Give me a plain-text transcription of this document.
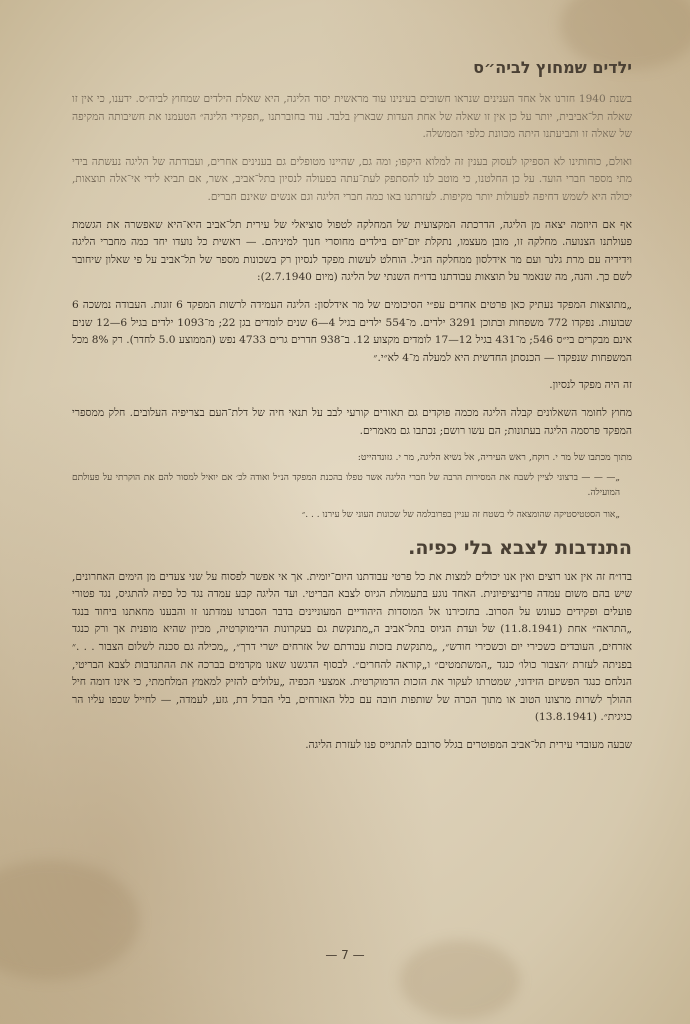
ילדים שמחוץ לביה״ס

בשנת 1940 חזרנו אל אחד הענינים שנראו חשובים בעינינו עוד מראשית יסוד הליגה, היא שאלת הילדים שמחוץ לביה״ס. ידענו, כי אין זו שאלה תל־אביבית, יותר על כן אין זו שאלה של אחת העדות שבארץ בלבד. עוד בחוברתנו „תפקידי הליגה״ הטעמנו את חשיבותה המקיפה של שאלה זו ותביעתנו היתה מכוונת כלפי הממשלה.

ואולם, כוחותינו לא הספיקו לעסוק בענין זה למלוא היקפו; ומה גם, שהיינו מטופלים גם בענינים אחרים, ועבודתה של הליגה נעשתה בידי מתי מספר חברי הועד. על כן החלטנו, כי מוטב לנו להסתפק לעת־עתה בפעולה לנסיון בתל־אביב, אשר, אם תביא לידי אי־אלה תוצאות, יכולה היא לשמש דחיפה לפעולות יותר מקיפות. לעזרתנו באו כמה חברי הליגה וגם אנשים שאינם חברים.

אף אם היוזמה יצאה מן הליגה, הדרכתה המקצועית של המחלקה לטפול סוציאלי של עירית תל־אביב היא־היא שאפשרה את הגשמת פעולתנו הצנועה. מחלקה זו, מובן מעצמו, נתקלת יום־יום בילדים מחוסרי חנוך למיניהם. — ראשית כל נועדו יחד כמה מחברי הליגה וידידיה עם מרת גלנר ועם מר אידלסון ממחלקה הנ״ל. הוחלט לעשות מפקד לנסיון רק בשכונות מספר של תל־אביב על פי שאלון שיחובר לשם כך. והנה, מה שנאמר על תוצאות עבודתנו בדו״ח השנתי של הליגה (מיום 2.7.1940):

„מתוצאות המפקד נעתיק כאן פרטים אחדים עפ״י הסיכומים של מר אידלסון: הליגה העמידה לרשות המפקד 6 זוגות. העבודה נמשכה 6 שבועות. נפקדו 772 משפחות ובתוכן 3291 ילדים. מ־554 ילדים בגיל 4—6 שנים לומדים בגן 22; מ־1093 ילדים בגיל 6—12 שנים אינם מבקרים בי״ס 546; מ־431 בגיל 12—17 לומדים מקצוע 12. ב־938 חדרים גרים 4733 נפש (הממוצע 5.0 לחדר). רק 8% מכל המשפחות שנפקדו — הכנסתן החדשית היא למעלה מ־4 לא״י.״

זה היה מפקד לנסיון.

מחוץ לחומר השאלונים קבלה הליגה מכמה פוקדים גם תאורים קורעי לבב על תנאי חיה של דלת־העם בצריפיה העלובים. חלק ממספרי המפקד פרסמה הליגה בעתונות; הם עשו רושם; נכתבו גם מאמרים.

מתוך מכתבו של מר י. רוקח, ראש העיריה, אל נשיא הליגה, מר י. גזונדהייט:

„— — — ברצוני לציין לשבח את המסירות הרבה של חברי הליגה אשר טפלו בהכנת המפקד הנ״ל ואודה לכ׳ אם יואיל למסור להם את הוקרתי על פעולתם המועילה.
„אור הסטטיסטיקה שהומצאה לי בשטח זה עניין בפרובלמה של שכונות העוני של עירנו . . .״
התנדבות לצבא בלי כפיה.

בדו״ח זה אין אנו רוצים ואין אנו יכולים למצות את כל פרטי עבודתנו היום־יומית. אך אי אפשר לפסוח על שני צעדים מן הימים האחרונים, שיש בהם משום עמדה פרינציפיונית. האחד נוגע בתעמולת הגיוס לצבא הבריטי. ועד הליגה קבע עמדה נגד כל כפיה להתגיס, נגד פטורי פועלים ופקידים כעונש על הסרוב. בתזכירנו אל המוסדות היהודיים המעוניינים בדבר הסברנו עמדתנו זו והבענו מחאתנו ביחוד בנגד „התראה״ אחת (11.8.1941) של ועדת הגיוס בתל־אביב ה„מתנקשת גם בעקרונות הדימוקרטיה, מכיון שהיא מופנית אך ורק כנגד אזרחים, העובדים כשכירי יום וכשכירי חודש״, „מתנקשת בזכות עבודתם של אזרחים ישרי דרך״, „מכילה גם סכנה לשלום הצבור . . .״ בפניתה לעזרת ׳הצבור כולו׳ כנגד „המשתמטים״ ו„קוראה להחרים״. לבסוף הדגשנו שאנו מקדמים בברכה את ההתנדבות לצבא הבריטי, הנלחם כנגד הפשיזם הזידוני, שמטרתו לעקור את הזכות הדמוקרטית. אמצעי הכפיה „עלולים להזיק למאמץ המלחמתי, כי אינו דומה חיל ההולך לשרות מרצונו הטוב או מתוך הכרה של שותפות חובה עם כלל האזרחים, בלי הבדל דת, גזע, לעמדה, — לחייל שכפו עליו הר כגיגית״. (13.8.1941)

שבעה מעובדי עירית תל־אביב המפוטרים בגלל סרובם להתגייס פנו לעזרת הליגה.

— 7 —
